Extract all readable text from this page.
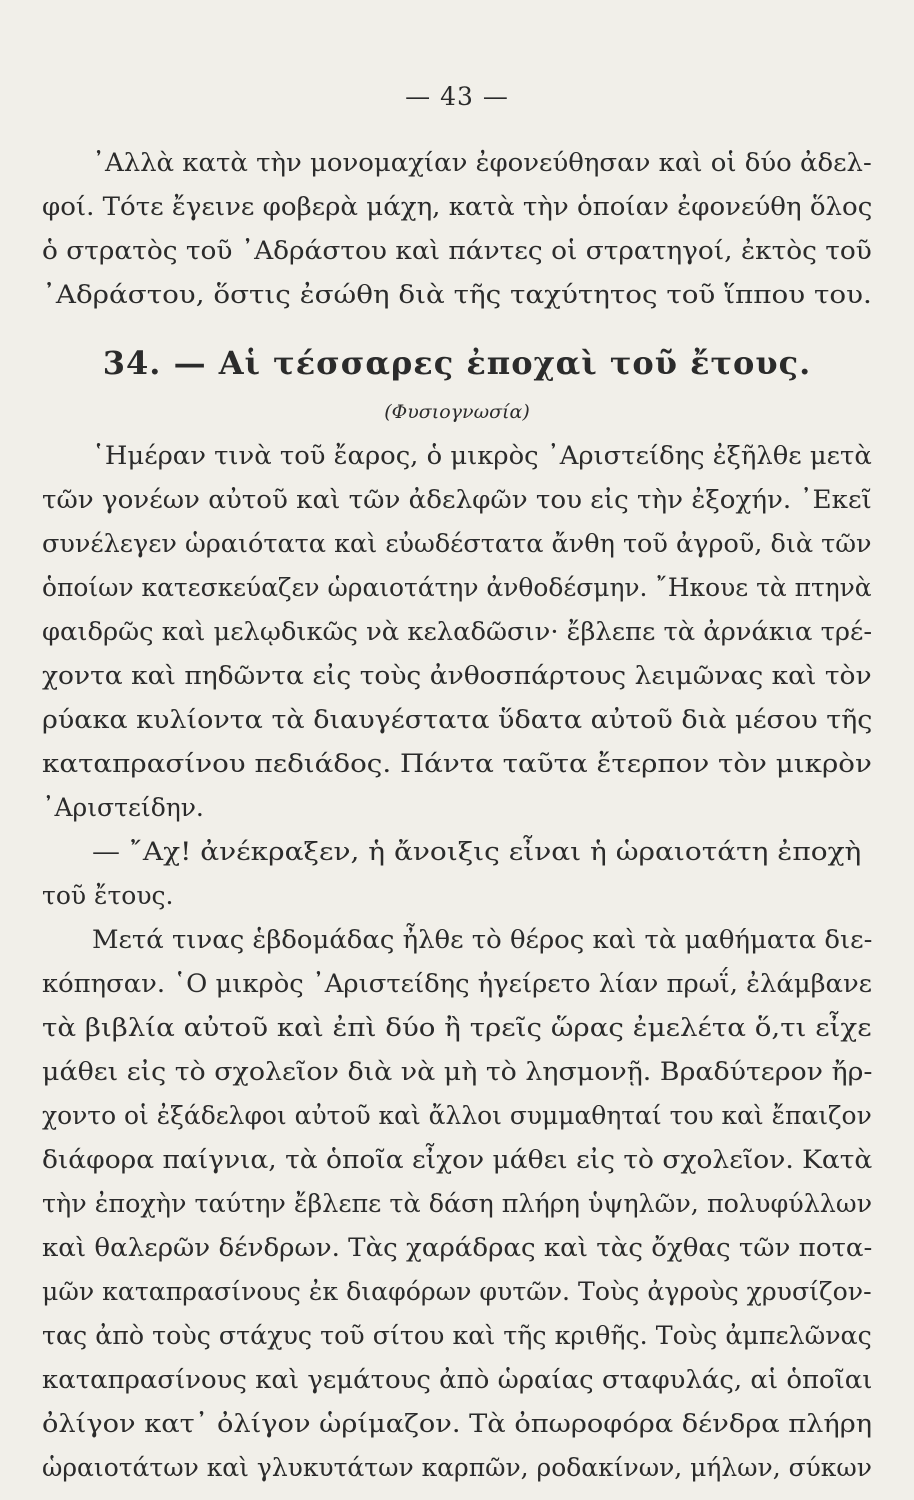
— 43 —
᾿Αλλὰ κατὰ τὴν μονομαχίαν ἐφονεύθησαν καὶ οἱ δύο ἀδελ-
φοί. Τότε ἔγεινε φοβερὰ μάχη, κατὰ τὴν ὁποίαν ἐφονεύθη ὅλος
ὁ στρατὸς τοῦ ᾿Αδράστου καὶ πάντες οἱ στρατηγοί, ἐκτὸς τοῦ
᾿Αδράστου, ὅστις ἐσώθη διὰ τῆς ταχύτητος τοῦ ἵππου του.
34. — Αἱ τέσσαρες ἐποχαὶ τοῦ ἔτους.
(Φυσιογνωσία)
῾Ημέραν τινὰ τοῦ ἔαρος, ὁ μικρὸς ᾿Αριστείδης ἐξῆλθε μετὰ
τῶν γονέων αὐτοῦ καὶ τῶν ἀδελφῶν του εἰς τὴν ἐξοχήν. ᾿Εκεῖ
συνέλεγεν ὡραιότατα καὶ εὐωδέστατα ἄνθη τοῦ ἀγροῦ, διὰ τῶν
ὁποίων κατεσκεύαζεν ὡραιοτάτην ἀνθοδέσμην. ῎Ηκουε τὰ πτηνὰ
φαιδρῶς καὶ μελῳδικῶς νὰ κελαδῶσιν· ἔβλεπε τὰ ἀρνάκια τρέ-
χοντα καὶ πηδῶντα εἰς τοὺς ἀνθοσπάρτους λειμῶνας καὶ τὸν
ρύακα κυλίοντα τὰ διαυγέστατα ὕδατα αὐτοῦ διὰ μέσου τῆς
καταπρασίνου πεδιάδος. Πάντα ταῦτα ἔτερπον τὸν μικρὸν
᾿Αριστείδην.
— ῎Αχ! ἀνέκραξεν, ἡ ἄνοιξις εἶναι ἡ ὡραιοτάτη ἐποχὴ
τοῦ ἔτους.
Μετά τινας ἑβδομάδας ἦλθε τὸ θέρος καὶ τὰ μαθήματα διε-
κόπησαν. ῾Ο μικρὸς ᾿Αριστείδης ἠγείρετο λίαν πρωΐ, ἐλάμβανε
τὰ βιβλία αὐτοῦ καὶ ἐπὶ δύο ἢ τρεῖς ὥρας ἐμελέτα ὅ,τι εἶχε
μάθει εἰς τὸ σχολεῖον διὰ νὰ μὴ τὸ λησμονῇ. Βραδύτερον ἤρ-
χοντο οἱ ἐξάδελφοι αὐτοῦ καὶ ἄλλοι συμμαθηταί του καὶ ἔπαιζον
διάφορα παίγνια, τὰ ὁποῖα εἶχον μάθει εἰς τὸ σχολεῖον. Κατὰ
τὴν ἐποχὴν ταύτην ἔβλεπε τὰ δάση πλήρη ὑψηλῶν, πολυφύλλων
καὶ θαλερῶν δένδρων. Τὰς χαράδρας καὶ τὰς ὄχθας τῶν ποτα-
μῶν καταπρασίνους ἐκ διαφόρων φυτῶν. Τοὺς ἀγροὺς χρυσίζον-
τας ἀπὸ τοὺς στάχυς τοῦ σίτου καὶ τῆς κριθῆς. Τοὺς ἀμπελῶνας
καταπρασίνους καὶ γεμάτους ἀπὸ ὡραίας σταφυλάς, αἱ ὁποῖαι
ὀλίγον κατ᾿ ὀλίγον ὡρίμαζον. Τὰ ὀπωροφόρα δένδρα πλήρη
ὡραιοτάτων καὶ γλυκυτάτων καρπῶν, ροδακίνων, μήλων, σύκων
